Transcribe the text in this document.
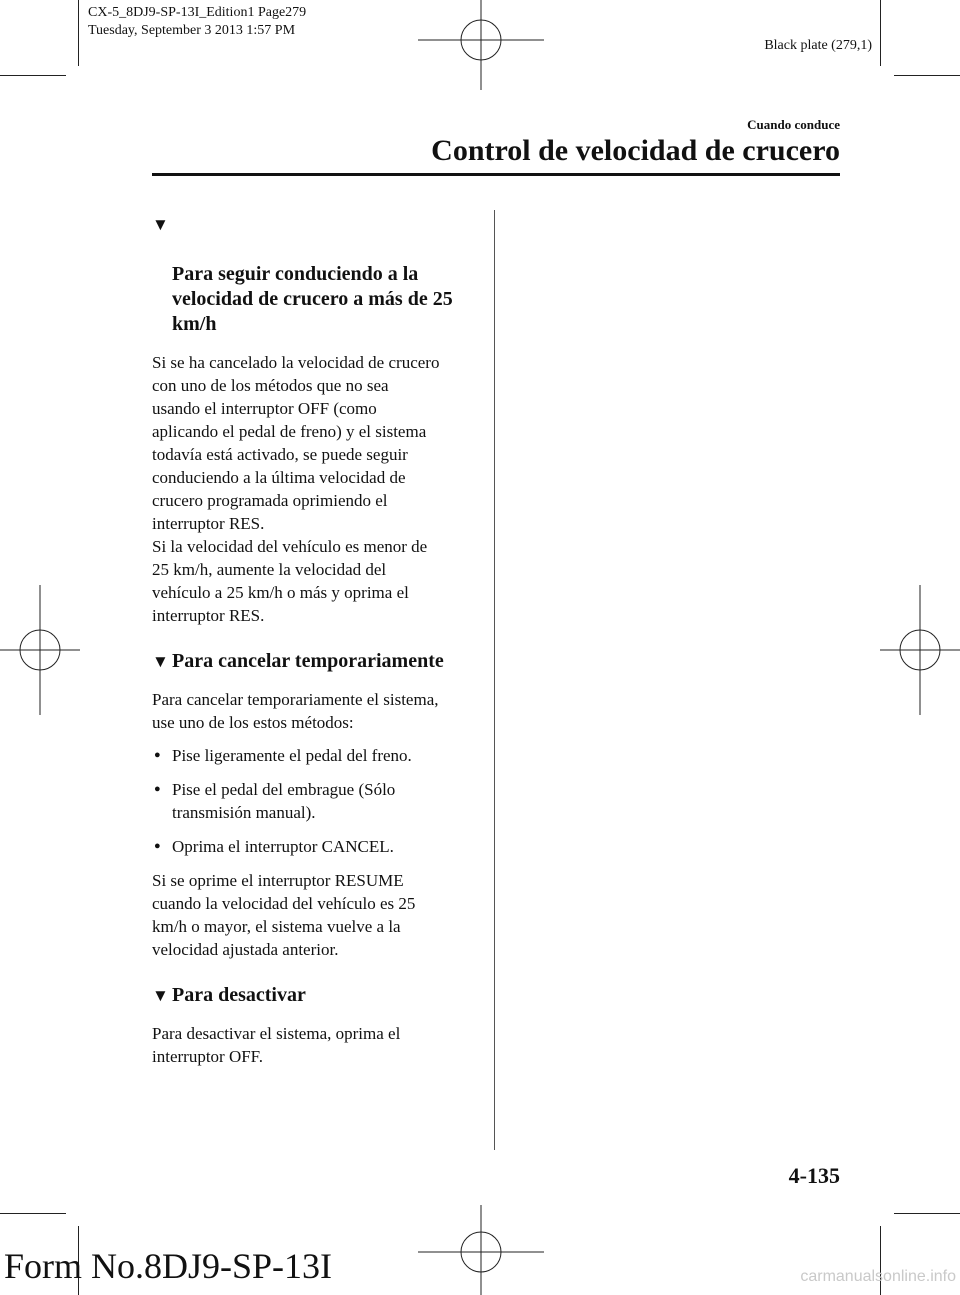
CX-5_8DJ9-SP-13I_Edition1 Page279
Tuesday, September 3 2013 1:57 PM
Black plate (279,1)
Cuando conduce
Control de velocidad de crucero

▼

Para seguir conduciendo a la
velocidad de crucero a más de 25
km/h

Si se ha cancelado la velocidad de crucero
con uno de los métodos que no sea
usando el interruptor OFF (como
aplicando el pedal de freno) y el sistema
todavía está activado, se puede seguir
conduciendo a la última velocidad de
crucero programada oprimiendo el
interruptor RES.
Si la velocidad del vehículo es menor de
25 km/h, aumente la velocidad del
vehículo a 25 km/h o más y oprima el
interruptor RES.

▼ Para cancelar temporariamente

Para cancelar temporariamente el sistema,
use uno de los estos métodos:

● Pise ligeramente el pedal del freno.
● Pise el pedal del embrague (Sólo
transmisión manual).
● Oprima el interruptor CANCEL.

Si se oprime el interruptor RESUME
cuando la velocidad del vehículo es 25
km/h o mayor, el sistema vuelve a la
velocidad ajustada anterior.

▼ Para desactivar

Para desactivar el sistema, oprima el
interruptor OFF.

4-135
Form No.8DJ9-SP-13I	carmanualsonline.info
